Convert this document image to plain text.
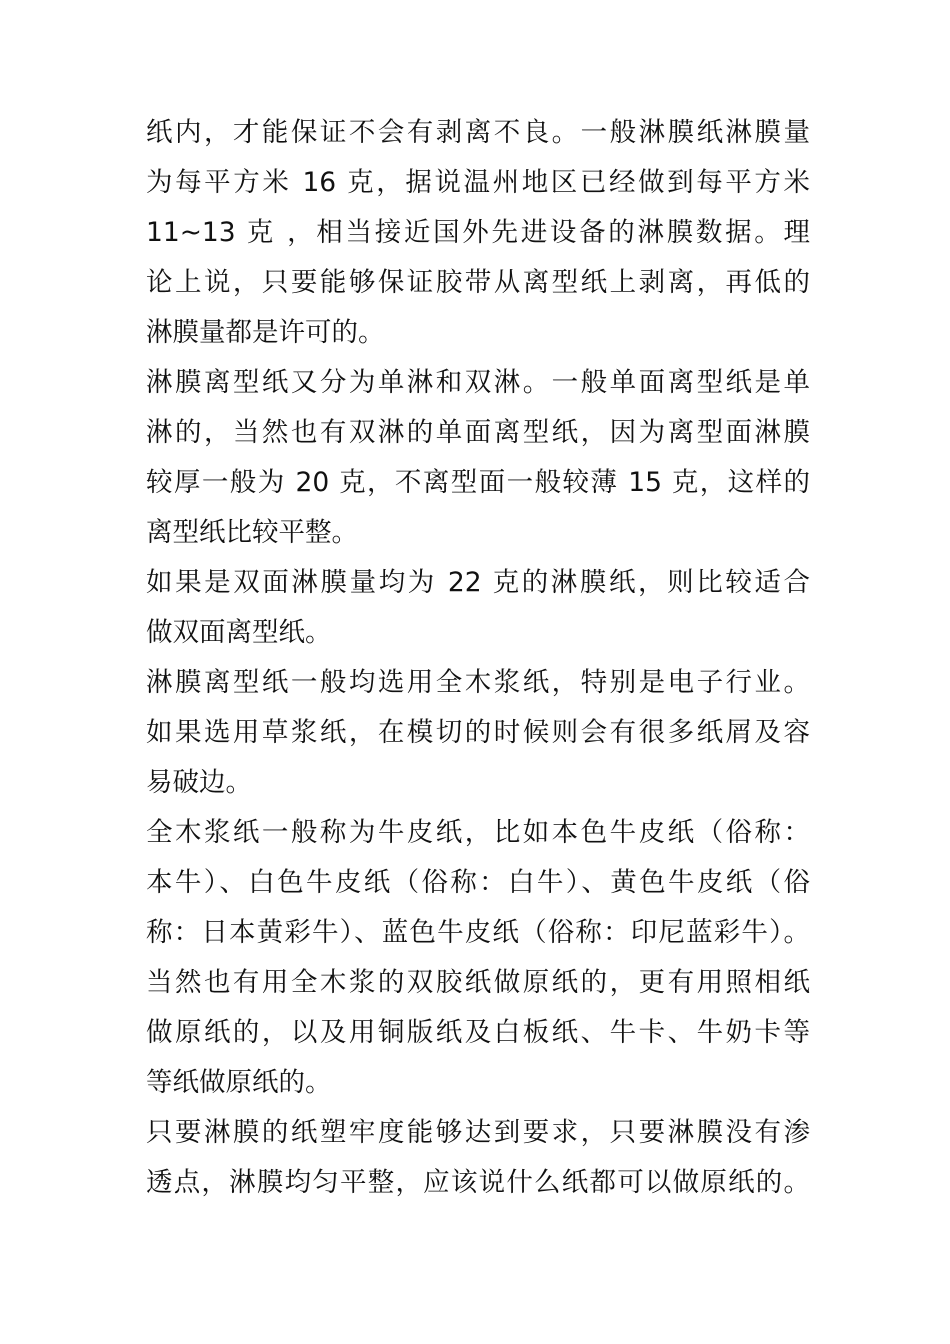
纸内，才能保证不会有剥离不良。一般淋膜纸淋膜量
为每平方米 16 克，据说温州地区已经做到每平方米
11~13 克 ，相当接近国外先进设备的淋膜数据。理
论上说，只要能够保证胶带从离型纸上剥离，再低的
淋膜量都是许可的。
淋膜离型纸又分为单淋和双淋。一般单面离型纸是单
淋的，当然也有双淋的单面离型纸，因为离型面淋膜
较厚一般为 20 克，不离型面一般较薄 15 克，这样的
离型纸比较平整。
如果是双面淋膜量均为 22 克的淋膜纸，则比较适合
做双面离型纸。
淋膜离型纸一般均选用全木浆纸，特别是电子行业。
如果选用草浆纸，在模切的时候则会有很多纸屑及容
易破边。
全木浆纸一般称为牛皮纸，比如本色牛皮纸（俗称：
本牛）、白色牛皮纸（俗称：白牛）、黄色牛皮纸（俗
称：日本黄彩牛）、蓝色牛皮纸（俗称：印尼蓝彩牛）。
当然也有用全木浆的双胶纸做原纸的，更有用照相纸
做原纸的，以及用铜版纸及白板纸、牛卡、牛奶卡等
等纸做原纸的。
只要淋膜的纸塑牢度能够达到要求，只要淋膜没有渗
透点，淋膜均匀平整，应该说什么纸都可以做原纸的。
